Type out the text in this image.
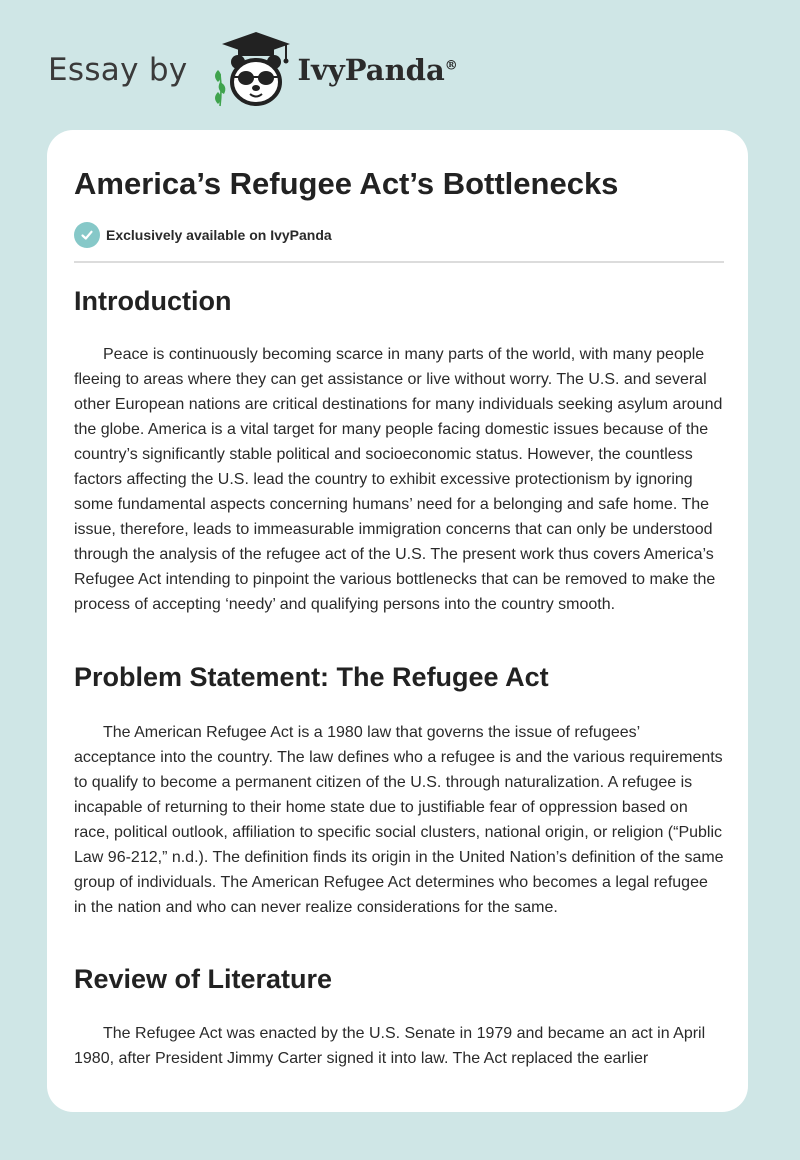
Essay by	IvyPanda®
America’s Refugee Act’s Bottlenecks
Exclusively available on IvyPanda
Introduction

Peace is continuously becoming scarce in many parts of the world, with many people fleeing to areas where they can get assistance or live without worry. The U.S. and several other European nations are critical destinations for many individuals seeking asylum around the globe. America is a vital target for many people facing domestic issues because of the country’s significantly stable political and socioeconomic status. However, the countless factors affecting the U.S. lead the country to exhibit excessive protectionism by ignoring some fundamental aspects concerning humans’ need for a belonging and safe home. The issue, therefore, leads to immeasurable immigration concerns that can only be understood through the analysis of the refugee act of the U.S. The present work thus covers America’s Refugee Act intending to pinpoint the various bottlenecks that can be removed to make the process of accepting ‘needy’ and qualifying persons into the country smooth.

Problem Statement: The Refugee Act

The American Refugee Act is a 1980 law that governs the issue of refugees’ acceptance into the country. The law defines who a refugee is and the various requirements to qualify to become a permanent citizen of the U.S. through naturalization. A refugee is incapable of returning to their home state due to justifiable fear of oppression based on race, political outlook, affiliation to specific social clusters, national origin, or religion (“Public Law 96-212,” n.d.). The definition finds its origin in the United Nation’s definition of the same group of individuals. The American Refugee Act determines who becomes a legal refugee in the nation and who can never realize considerations for the same.

Review of Literature

The Refugee Act was enacted by the U.S. Senate in 1979 and became an act in April 1980, after President Jimmy Carter signed it into law. The Act replaced the earlier
